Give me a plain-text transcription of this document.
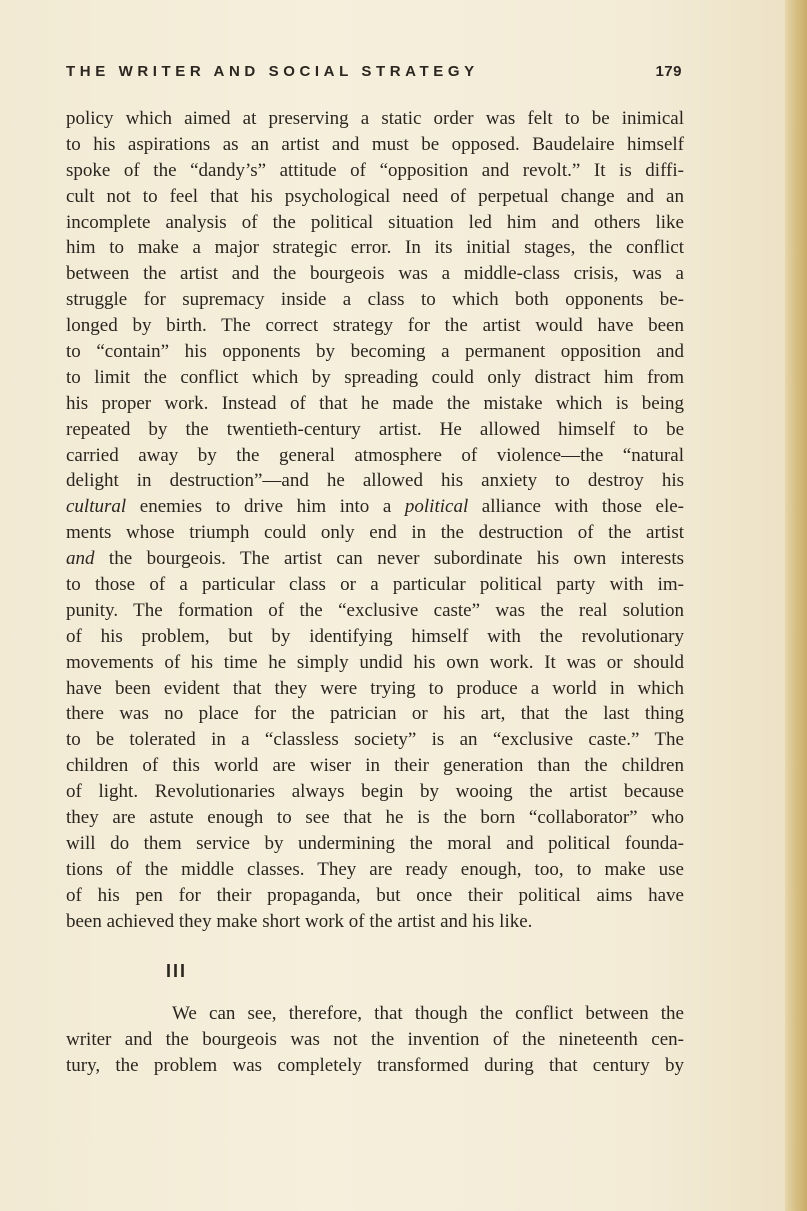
THE WRITER AND SOCIAL STRATEGY	179
policy which aimed at preserving a static order was felt to be inimical
to his aspirations as an artist and must be opposed. Baudelaire himself
spoke of the “dandy’s” attitude of “opposition and revolt.” It is diffi-
cult not to feel that his psychological need of perpetual change and an
incomplete analysis of the political situation led him and others like
him to make a major strategic error. In its initial stages, the conflict
between the artist and the bourgeois was a middle-class crisis, was a
struggle for supremacy inside a class to which both opponents be-
longed by birth. The correct strategy for the artist would have been
to “contain” his opponents by becoming a permanent opposition and
to limit the conflict which by spreading could only distract him from
his proper work. Instead of that he made the mistake which is being
repeated by the twentieth-century artist. He allowed himself to be
carried away by the general atmosphere of violence—the “natural
delight in destruction”—and he allowed his anxiety to destroy his
cultural enemies to drive him into a political alliance with those ele-
ments whose triumph could only end in the destruction of the artist
and the bourgeois. The artist can never subordinate his own interests
to those of a particular class or a particular political party with im-
punity. The formation of the “exclusive caste” was the real solution
of his problem, but by identifying himself with the revolutionary
movements of his time he simply undid his own work. It was or should
have been evident that they were trying to produce a world in which
there was no place for the patrician or his art, that the last thing
to be tolerated in a “classless society” is an “exclusive caste.” The
children of this world are wiser in their generation than the children
of light. Revolutionaries always begin by wooing the artist because
they are astute enough to see that he is the born “collaborator” who
will do them service by undermining the moral and political founda-
tions of the middle classes. They are ready enough, too, to make use
of his pen for their propaganda, but once their political aims have
been achieved they make short work of the artist and his like.
III
We can see, therefore, that though the conflict between the
writer and the bourgeois was not the invention of the nineteenth cen-
tury, the problem was completely transformed during that century by
